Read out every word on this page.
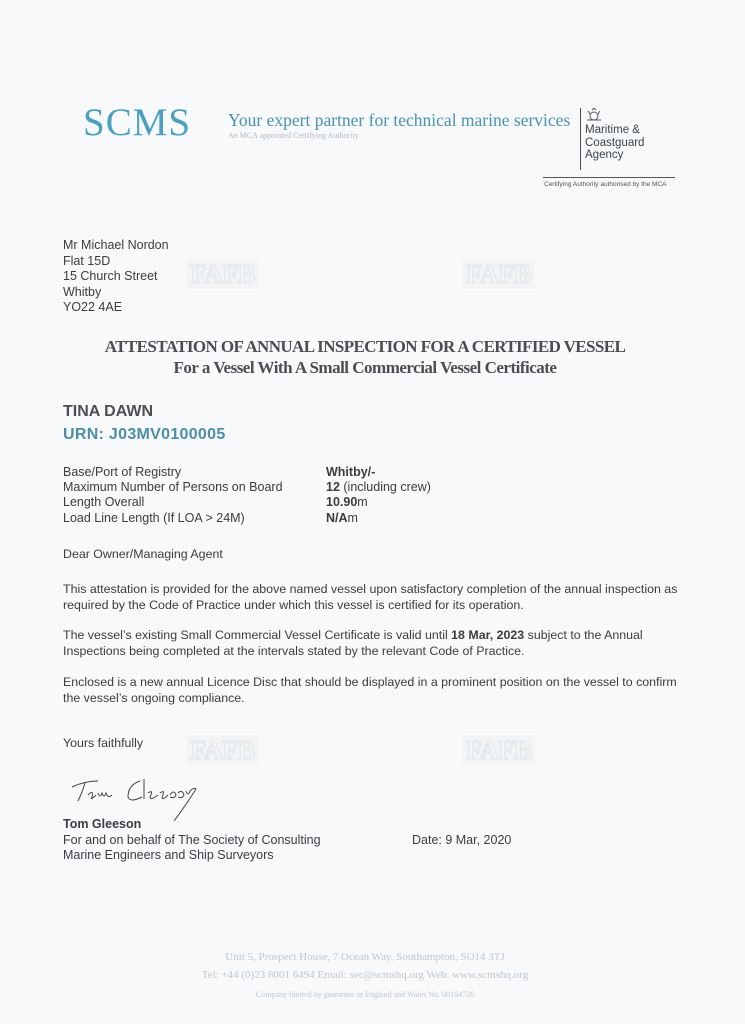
SCMS Your expert partner for technical marine services
An MCA appointed Certifying Authority	Maritime &
Coastguard
Agency
Certifying Authority authorised by the MCA
Mr Michael Nordon
Flat 15D
15 Church Street
Whitby
YO22 4AE
FAFB	FAFB
FAFB	FAFB
ATTESTATION OF ANNUAL INSPECTION FOR A CERTIFIED VESSEL
For a Vessel With A Small Commercial Vessel Certificate
TINA DAWN
URN: J03MV0100005
Base/Port of Registry	Whitby/-
Maximum Number of Persons on Board	12 (including crew)
Length Overall	10.90m
Load Line Length (If LOA > 24M)	N/Am
Dear Owner/Managing Agent
This attestation is provided for the above named vessel upon satisfactory completion of the annual inspection as required by the Code of Practice under which this vessel is certified for its operation.
The vessel’s existing Small Commercial Vessel Certificate is valid until 18 Mar, 2023 subject to the Annual Inspections being completed at the intervals stated by the relevant Code of Practice.
Enclosed is a new annual Licence Disc that should be displayed in a prominent position on the vessel to confirm the vessel’s ongoing compliance.
Yours faithfully
Tom Gleeson
For and on behalf of The Society of Consulting
Marine Engineers and Ship Surveyors
Date: 9 Mar, 2020
Unit 5, Prospect House, 7 Ocean Way, Southampton, SO14 3TJ
Tel: +44 (0)23 8001 6494 Email: sec@scmshq.org Web: www.scmshq.org
Company limited by guarantee in England and Wales No. 00164726
